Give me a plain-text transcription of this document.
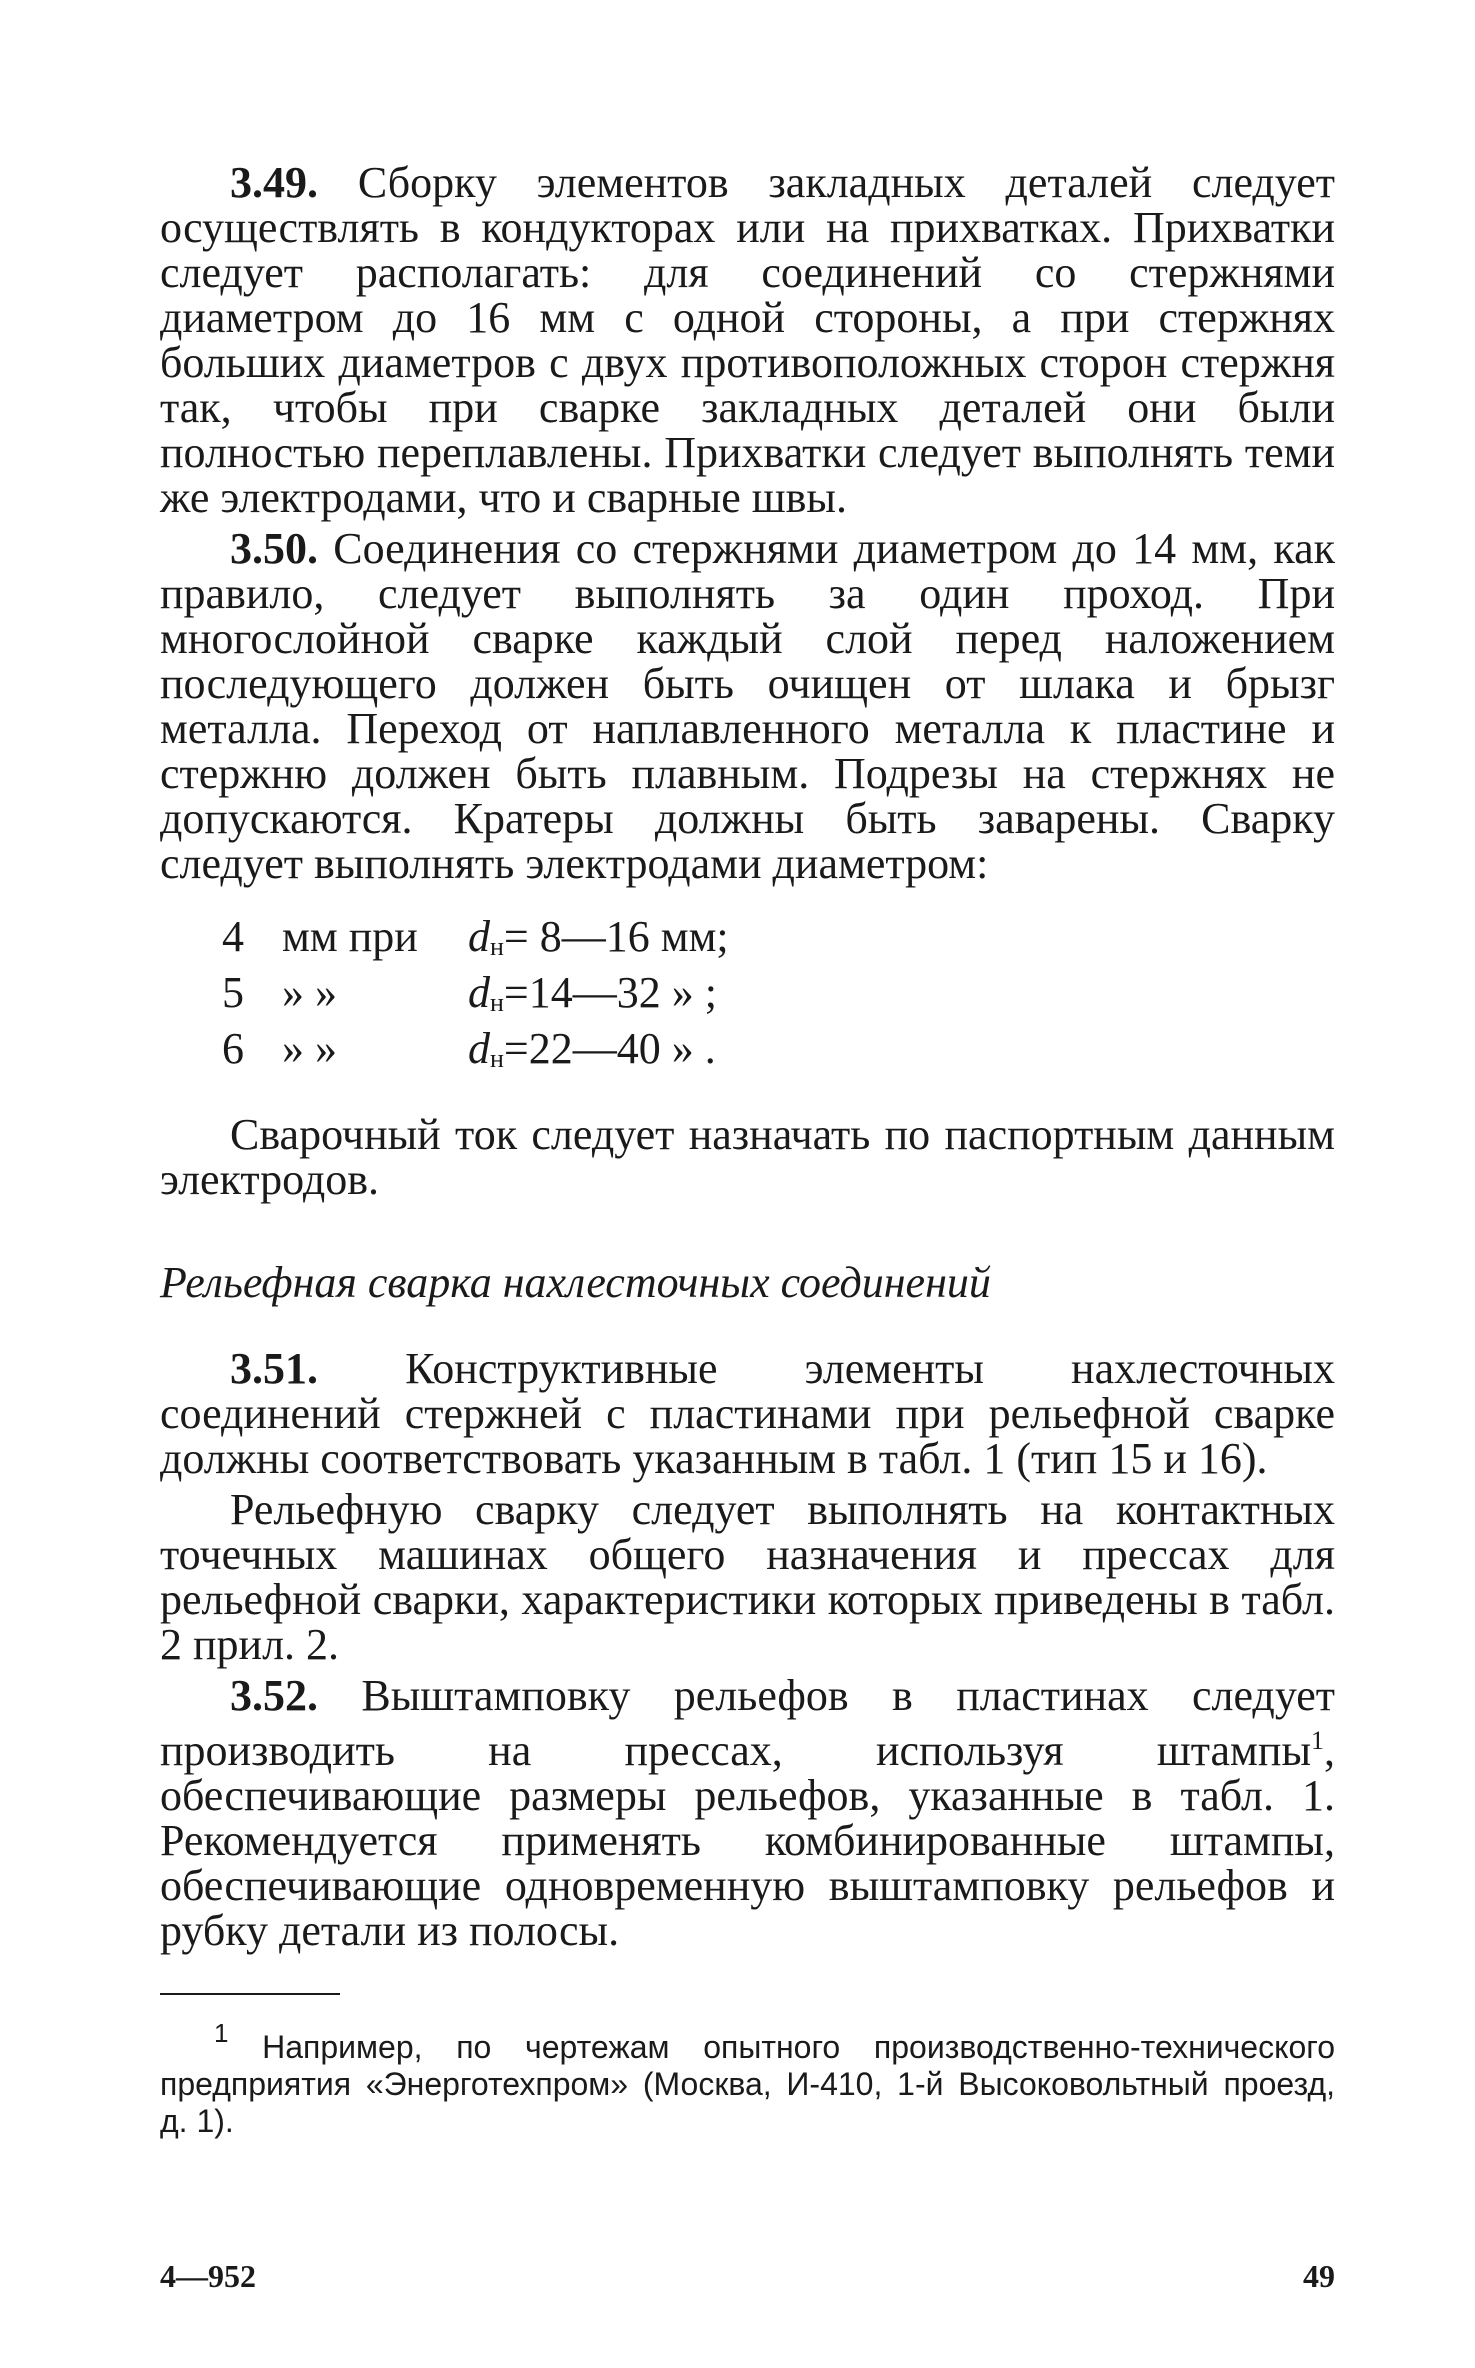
3.49. Сборку элементов закладных деталей следует осуществлять в кондукторах или на прихватках. Прихватки следует располагать: для соединений со стержнями диаметром до 16 мм с одной стороны, а при стержнях больших диаметров с двух противоположных сторон стержня так, чтобы при сварке закладных деталей они были полностью переплавлены. Прихватки следует выполнять теми же электродами, что и сварные швы.

3.50. Соединения со стержнями диаметром до 14 мм, как правило, следует выполнять за один проход. При многослойной сварке каждый слой перед наложением последующего должен быть очищен от шлака и брызг металла. Переход от наплавленного металла к пластине и стержню должен быть плавным. Подрезы на стержнях не допускаются. Кратеры должны быть заварены. Сварку следует выполнять электродами диаметром:

4 мм при	dн= 8—16 мм;
5 » »	dн=14—32 » ;
6 » »	dн=22—40 » .

Сварочный ток следует назначать по паспортным данным электродов.

Рельефная сварка нахлесточных соединений

3.51. Конструктивные элементы нахлесточных соединений стержней с пластинами при рельефной сварке должны соответствовать указанным в табл. 1 (тип 15 и 16).

Рельефную сварку следует выполнять на контактных точечных машинах общего назначения и прессах для рельефной сварки, характеристики которых приведены в табл. 2 прил. 2.

3.52. Выштамповку рельефов в пластинах следует производить на прессах, используя штампы$^1$, обеспечивающие размеры рельефов, указанные в табл. 1. Рекомендуется применять комбинированные штампы, обеспечивающие одновременную выштамповку рельефов и рубку детали из полосы.

$^1$ Например, по чертежам опытного производственно-технического предприятия «Энерготехпром» (Москва, И-410, 1-й Высоковольтный проезд, д. 1).

4—952	49
